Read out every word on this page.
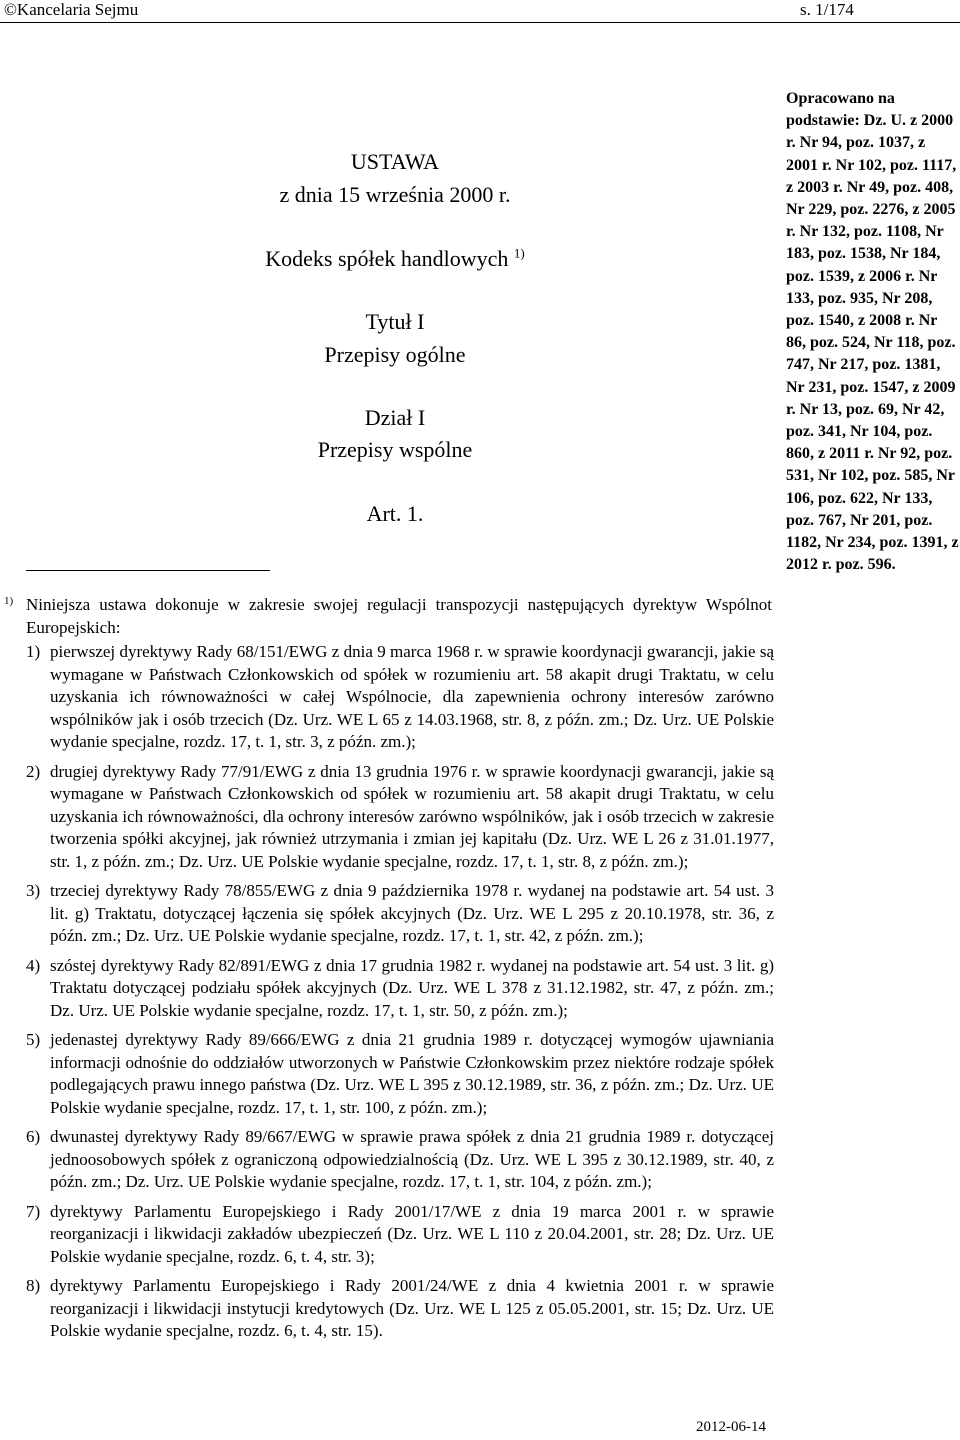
©Kancelaria Sejmu	s. 1/174
USTAWA
z dnia 15 września 2000 r.
Kodeks spółek handlowych $^{1)}$
Tytuł I
Przepisy ogólne
Dział I
Przepisy wspólne
Art. 1.
1) Niniejsza ustawa dokonuje w zakresie swojej regulacji transpozycji następujących dyrektyw Wspólnot Europejskich:
1) pierwszej dyrektywy Rady 68/151/EWG z dnia 9 marca 1968 r. w sprawie koordynacji gwarancji, jakie są wymagane w Państwach Członkowskich od spółek w rozumieniu art. 58 akapit drugi Traktatu, w celu uzyskania ich równoważności w całej Wspólnocie, dla zapewnienia ochrony interesów zarówno wspólników jak i osób trzecich (Dz. Urz. WE L 65 z 14.03.1968, str. 8, z późn. zm.; Dz. Urz. UE Polskie wydanie specjalne, rozdz. 17, t. 1, str. 3, z późn. zm.);
2) drugiej dyrektywy Rady 77/91/EWG z dnia 13 grudnia 1976 r. w sprawie koordynacji gwarancji, jakie są wymagane w Państwach Członkowskich od spółek w rozumieniu art. 58 akapit drugi Traktatu, w celu uzyskania ich równoważności, dla ochrony interesów zarówno wspólników, jak i osób trzecich w zakresie tworzenia spółki akcyjnej, jak również utrzymania i zmian jej kapitału (Dz. Urz. WE L 26 z 31.01.1977, str. 1, z późn. zm.; Dz. Urz. UE Polskie wydanie specjalne, rozdz. 17, t. 1, str. 8, z późn. zm.);
3) trzeciej dyrektywy Rady 78/855/EWG z dnia 9 października 1978 r. wydanej na podstawie art. 54 ust. 3 lit. g) Traktatu, dotyczącej łączenia się spółek akcyjnych (Dz. Urz. WE L 295 z 20.10.1978, str. 36, z późn. zm.; Dz. Urz. UE Polskie wydanie specjalne, rozdz. 17, t. 1, str. 42, z późn. zm.);
4) szóstej dyrektywy Rady 82/891/EWG z dnia 17 grudnia 1982 r. wydanej na podstawie art. 54 ust. 3 lit. g) Traktatu dotyczącej podziału spółek akcyjnych (Dz. Urz. WE L 378 z 31.12.1982, str. 47, z późn. zm.; Dz. Urz. UE Polskie wydanie specjalne, rozdz. 17, t. 1, str. 50, z późn. zm.);
5) jedenastej dyrektywy Rady 89/666/EWG z dnia 21 grudnia 1989 r. dotyczącej wymogów ujawniania informacji odnośnie do oddziałów utworzonych w Państwie Członkowskim przez niektóre rodzaje spółek podlegających prawu innego państwa (Dz. Urz. WE L 395 z 30.12.1989, str. 36, z późn. zm.; Dz. Urz. UE Polskie wydanie specjalne, rozdz. 17, t. 1, str. 100, z późn. zm.);
6) dwunastej dyrektywy Rady 89/667/EWG w sprawie prawa spółek z dnia 21 grudnia 1989 r. dotyczącej jednoosobowych spółek z ograniczoną odpowiedzialnością (Dz. Urz. WE L 395 z 30.12.1989, str. 40, z późn. zm.; Dz. Urz. UE Polskie wydanie specjalne, rozdz. 17, t. 1, str. 104, z późn. zm.);
7) dyrektywy Parlamentu Europejskiego i Rady 2001/17/WE z dnia 19 marca 2001 r. w sprawie reorganizacji i likwidacji zakładów ubezpieczeń (Dz. Urz. WE L 110 z 20.04.2001, str. 28; Dz. Urz. UE Polskie wydanie specjalne, rozdz. 6, t. 4, str. 3);
8) dyrektywy Parlamentu Europejskiego i Rady 2001/24/WE z dnia 4 kwietnia 2001 r. w sprawie reorganizacji i likwidacji instytucji kredytowych (Dz. Urz. WE L 125 z 05.05.2001, str. 15; Dz. Urz. UE Polskie wydanie specjalne, rozdz. 6, t. 4, str. 15).
Opracowano na podstawie: Dz. U. z 2000 r. Nr 94, poz. 1037, z 2001 r. Nr 102, poz. 1117, z 2003 r. Nr 49, poz. 408, Nr 229, poz. 2276, z 2005 r. Nr 132, poz. 1108, Nr 183, poz. 1538, Nr 184, poz. 1539, z 2006 r. Nr 133, poz. 935, Nr 208, poz. 1540, z 2008 r. Nr 86, poz. 524, Nr 118, poz. 747, Nr 217, poz. 1381, Nr 231, poz. 1547, z 2009 r. Nr 13, poz. 69, Nr 42, poz. 341, Nr 104, poz. 860, z 2011 r. Nr 92, poz. 531, Nr 102, poz. 585, Nr 106, poz. 622, Nr 133, poz. 767, Nr 201, poz. 1182, Nr 234, poz. 1391, z 2012 r. poz. 596.
2012-06-14
